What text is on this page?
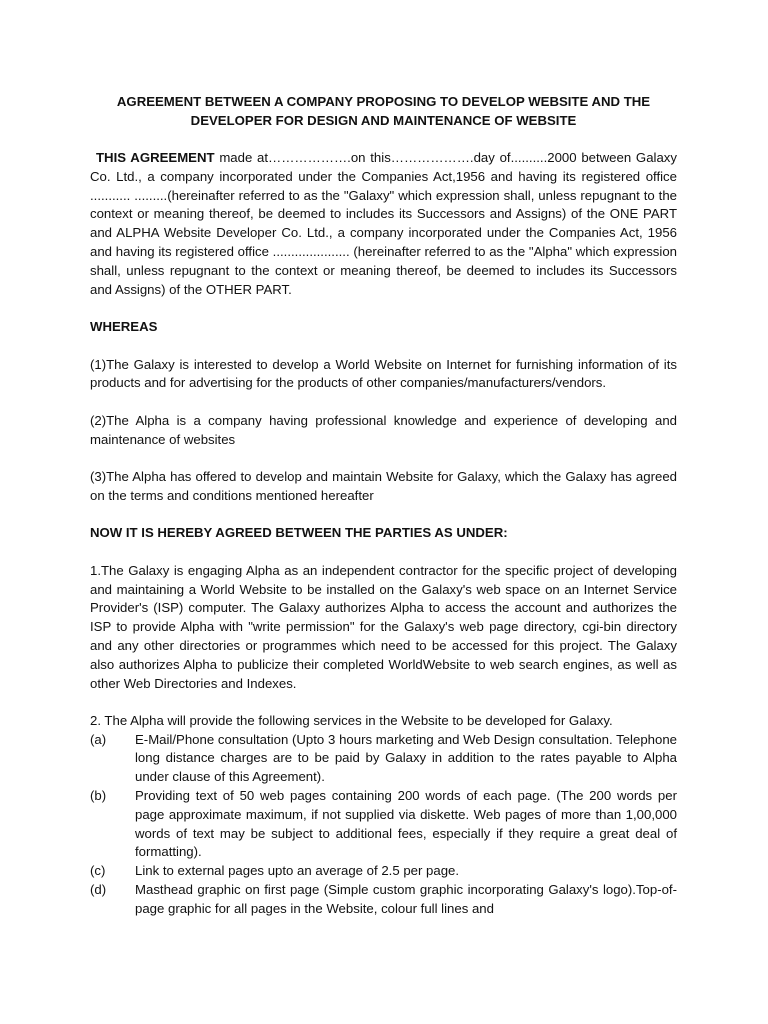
AGREEMENT BETWEEN A COMPANY PROPOSING TO DEVELOP WEBSITE AND THE
DEVELOPER FOR DESIGN AND MAINTENANCE OF WEBSITE

THIS AGREEMENT made at……………….on this……………….day of..........2000 between Galaxy Co. Ltd., a company incorporated under the Companies Act,1956 and having its registered office ........... .........(hereinafter referred to as the "Galaxy" which expression shall, unless repugnant to the context or meaning thereof, be deemed to includes its Successors and Assigns) of the ONE PART and ALPHA Website Developer Co. Ltd., a company incorporated under the Companies Act, 1956 and having its registered office ..................... (hereinafter referred to as the "Alpha" which expression shall, unless repugnant to the context or meaning thereof, be deemed to includes its Successors and Assigns) of the OTHER PART.

WHEREAS

(1)The Galaxy is interested to develop a World Website on Internet for furnishing information of its products and for advertising for the products of other companies/manufacturers/vendors.

(2)The Alpha is a company having professional knowledge and experience of developing and maintenance of websites

(3)The Alpha has offered to develop and maintain Website for Galaxy, which the Galaxy has agreed on the terms and conditions mentioned hereafter

NOW IT IS HEREBY AGREED BETWEEN THE PARTIES AS UNDER:

1.The Galaxy is engaging Alpha as an independent contractor for the specific project of developing and maintaining a World Website to be installed on the Galaxy's web space on an Internet Service Provider's (ISP) computer. The Galaxy authorizes Alpha to access the account and authorizes the ISP to provide Alpha with "write permission" for the Galaxy's web page directory, cgi-bin directory and any other directories or programmes which need to be accessed for this project. The Galaxy also authorizes Alpha to publicize their completed WorldWebsite to web search engines, as well as other Web Directories and Indexes.

2. The Alpha will provide the following services in the Website to be developed for Galaxy.

(a)	E-Mail/Phone consultation (Upto 3 hours marketing and Web Design consultation. Telephone long distance charges are to be paid by Galaxy in addition to the rates payable to Alpha under clause of this Agreement).
(b)	Providing text of 50 web pages containing 200 words of each page. (The 200 words per page approximate maximum, if not supplied via diskette. Web pages of more than 1,00,000 words of text may be subject to additional fees, especially if they require a great deal of formatting).
(c)	Link to external pages upto an average of 2.5 per page.
(d)	Masthead graphic on first page (Simple custom graphic incorporating Galaxy's logo).Top-of-page graphic for all pages in the Website, colour full lines and
